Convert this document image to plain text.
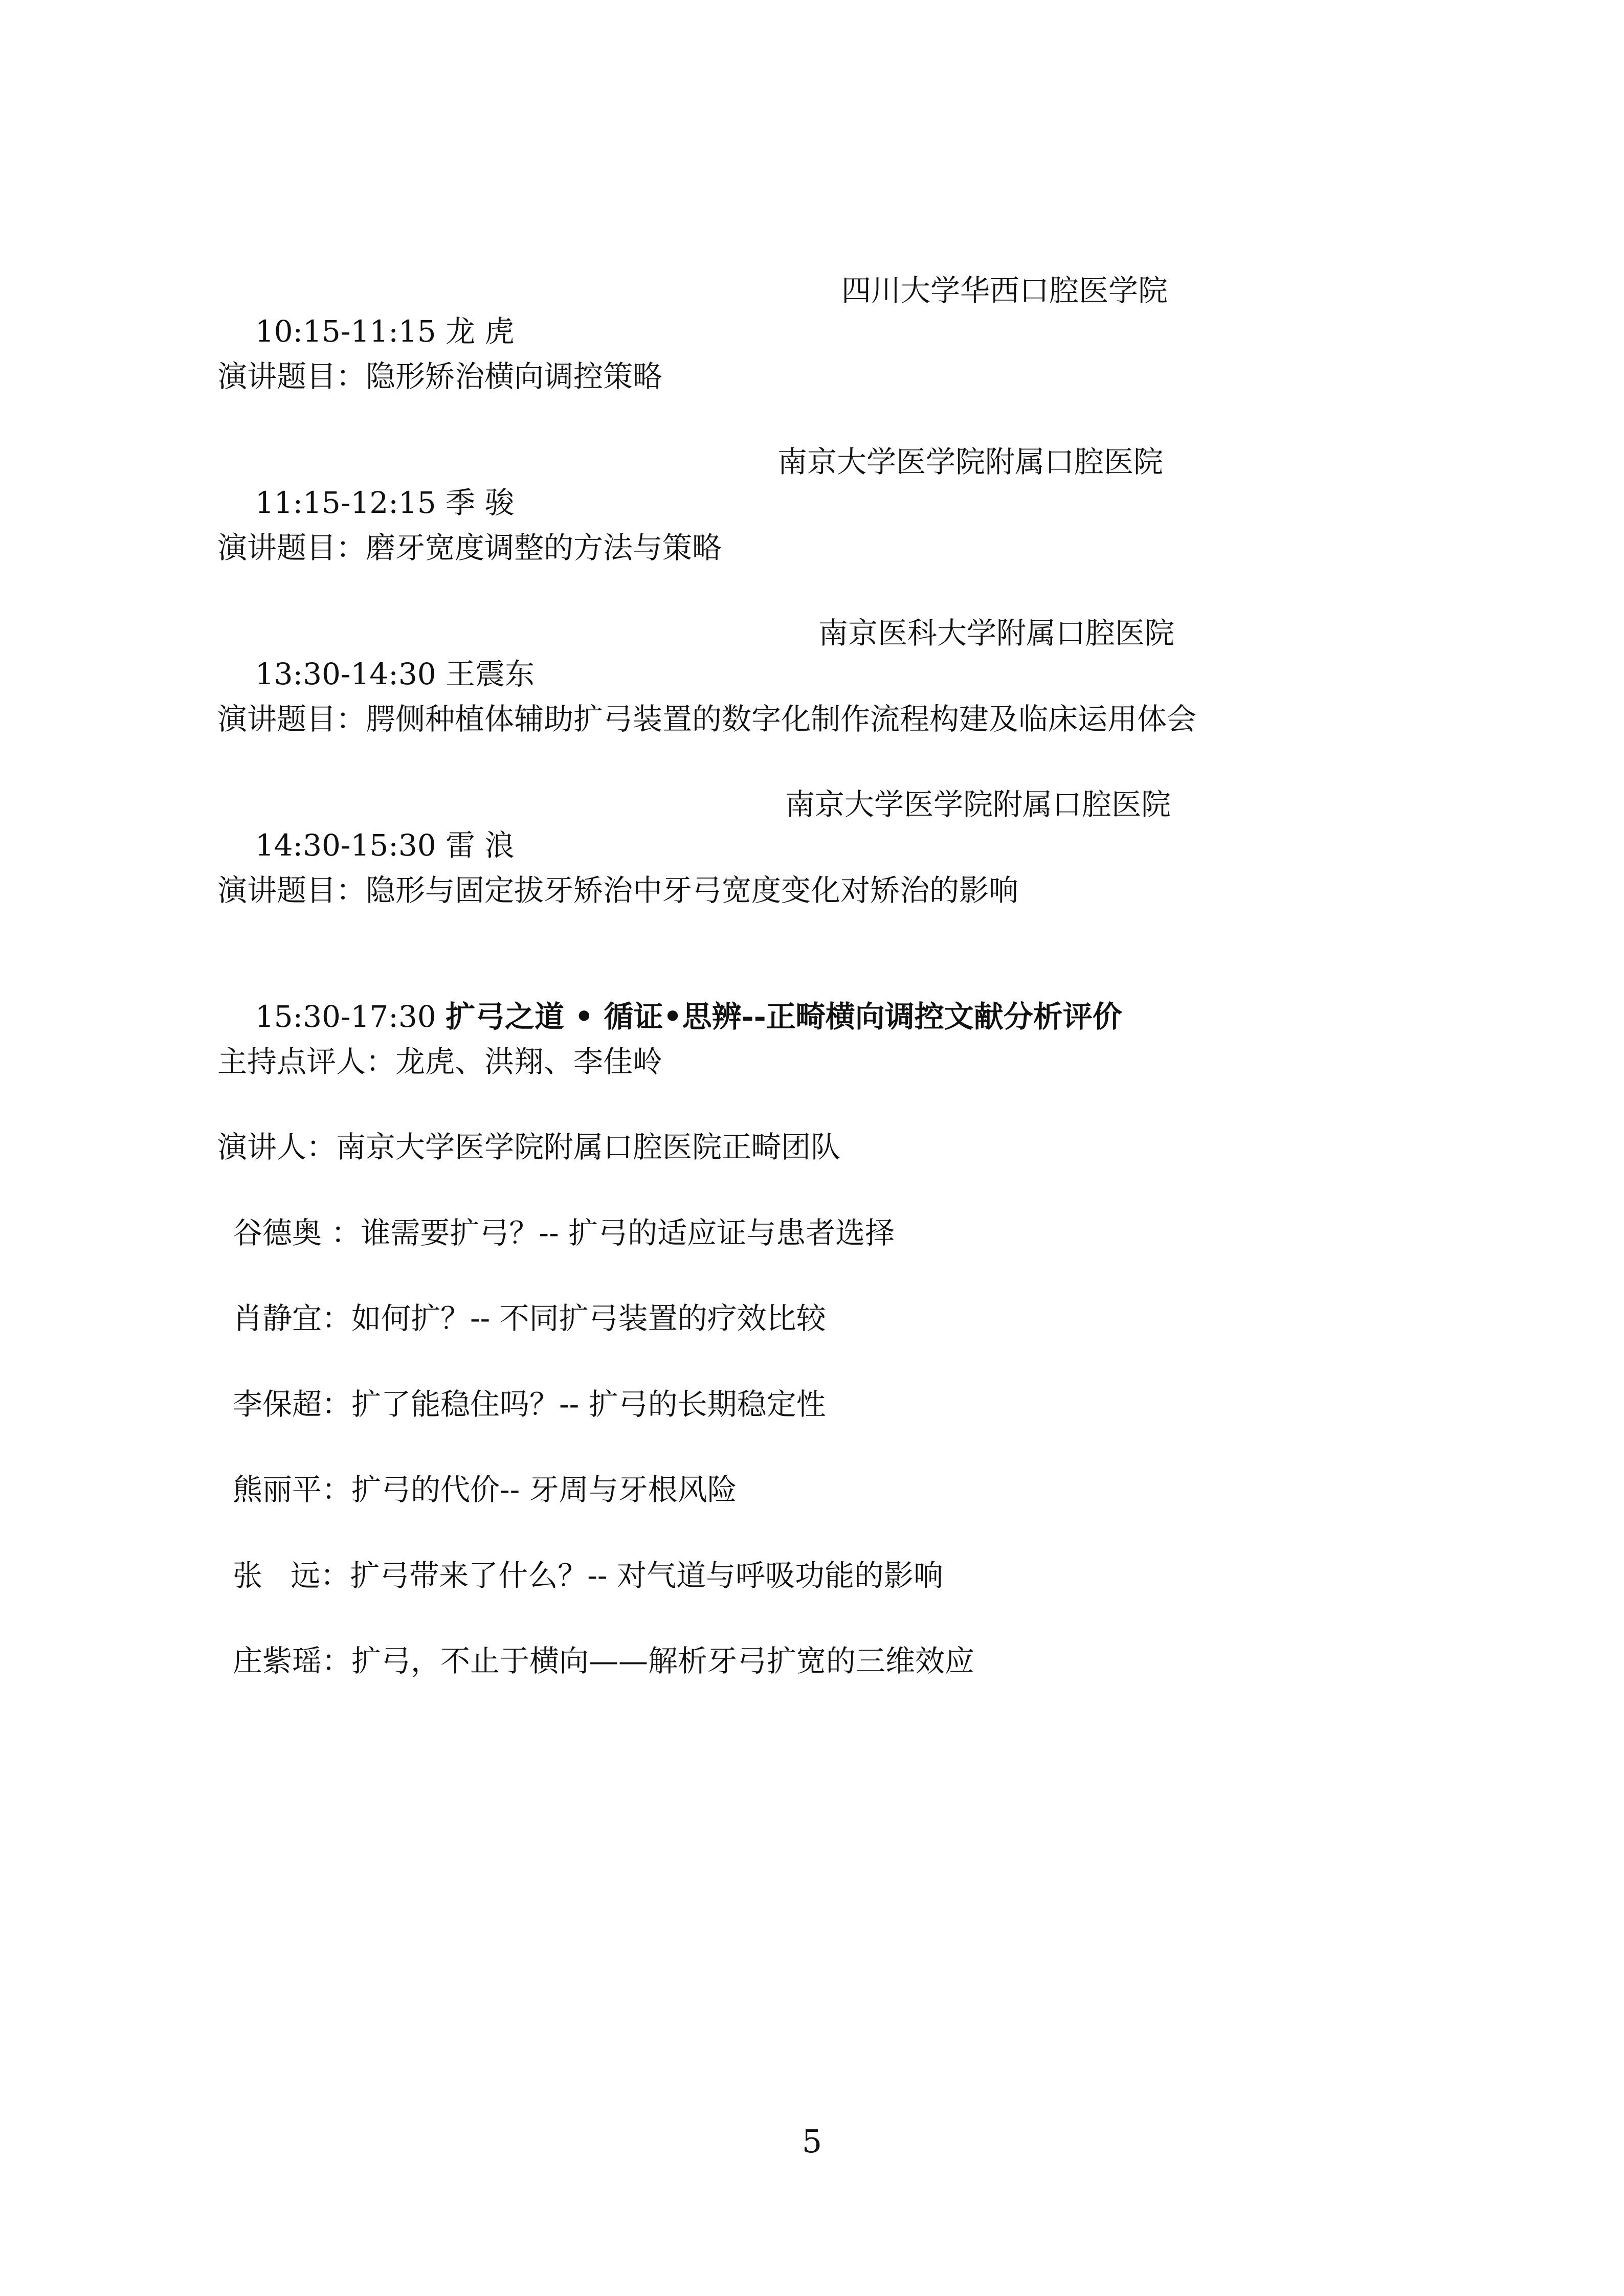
10:15-11:15 龙 虎

四川大学华西口腔医学院

演讲题目：隐形矫治横向调控策略

11:15-12:15 季 骏

南京大学医学院附属口腔医院

演讲题目：磨牙宽度调整的方法与策略

13:30-14:30 王震东

南京医科大学附属口腔医院

演讲题目：腭侧种植体辅助扩弓装置的数字化制作流程构建及临床运用体会

14:30-15:30 雷 浪

南京大学医学院附属口腔医院

演讲题目：隐形与固定拔牙矫治中牙弓宽度变化对矫治的影响

15:30-17:30 扩弓之道 • 循证•思辨--正畸横向调控文献分析评价

主持点评人：龙虎、洪翔、李佳岭
演讲人：南京大学医学院附属口腔医院正畸团队
谷德奥 ：谁需要扩弓？-- 扩弓的适应证与患者选择
肖静宜：如何扩？-- 不同扩弓装置的疗效比较
李保超：扩了能稳住吗？-- 扩弓的长期稳定性
熊丽平：扩弓的代价-- 牙周与牙根风险
张   远：扩弓带来了什么？-- 对气道与呼吸功能的影响
庄紫瑶：扩弓，不止于横向——解析牙弓扩宽的三维效应
5
